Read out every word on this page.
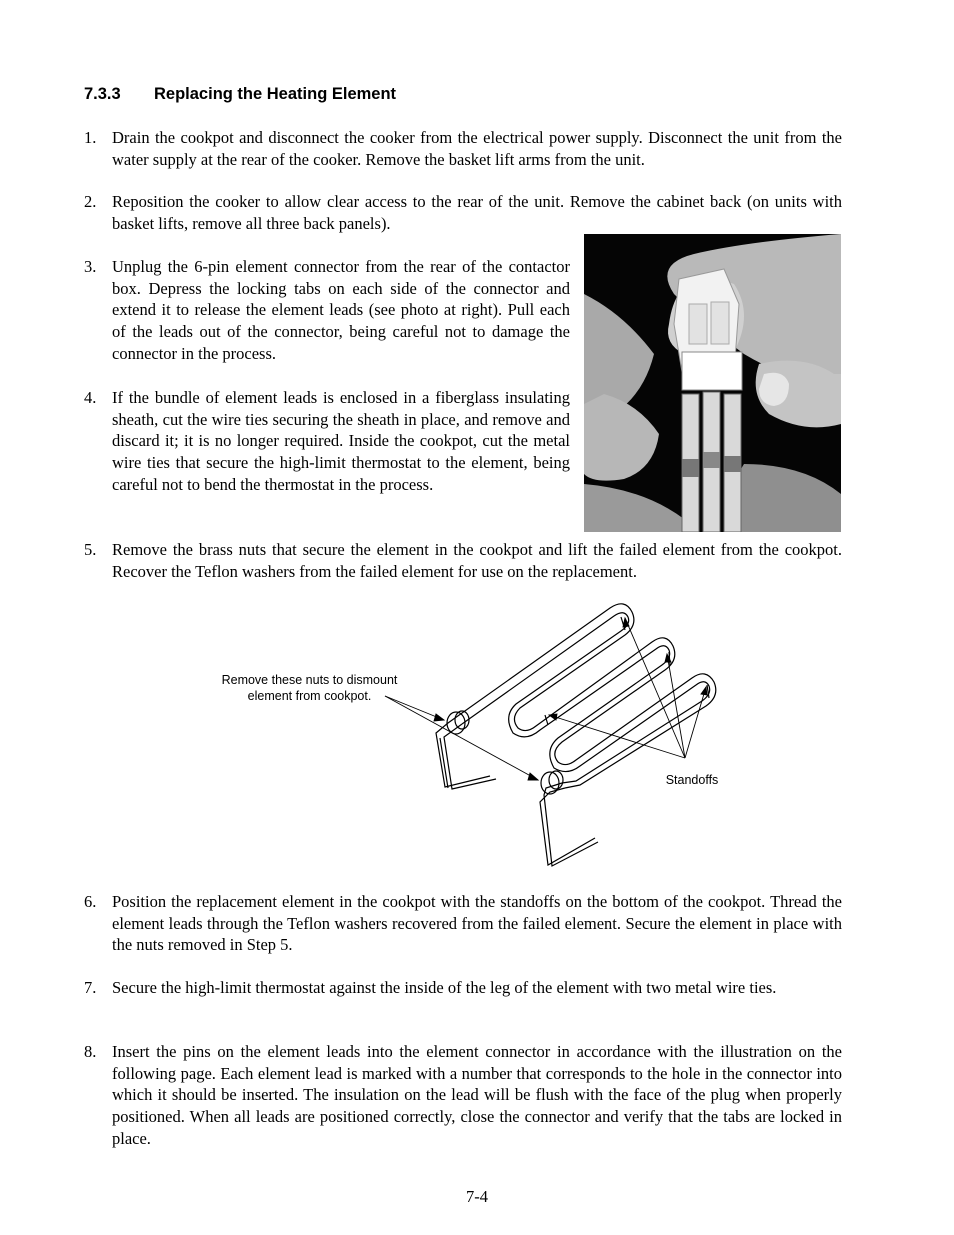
7.3.3 Replacing the Heating Element
1. Drain the cookpot and disconnect the cooker from the electrical power supply. Disconnect the unit from the water supply at the rear of the cooker. Remove the basket lift arms from the unit.
2. Reposition the cooker to allow clear access to the rear of the unit. Remove the cabinet back (on units with basket lifts, remove all three back panels).
3. Unplug the 6-pin element connector from the rear of the contactor box. Depress the locking tabs on each side of the connector and extend it to release the element leads (see photo at right). Pull each of the leads out of the connector, being careful not to damage the connector in the process.
4. If the bundle of element leads is enclosed in a fiberglass insulating sheath, cut the wire ties securing the sheath in place, and remove and discard it; it is no longer required. Inside the cookpot, cut the metal wire ties that secure the high-limit thermostat to the element, being careful not to bend the thermostat in the process.
5. Remove the brass nuts that secure the element in the cookpot and lift the failed element from the cookpot. Recover the Teflon washers from the failed element for use on the replacement.
Remove these nuts to dismount element from cookpot.
Standoffs
6. Position the replacement element in the cookpot with the standoffs on the bottom of the cookpot. Thread the element leads through the Teflon washers recovered from the failed element. Secure the element in place with the nuts removed in Step 5.
7. Secure the high-limit thermostat against the inside of the leg of the element with two metal wire ties.
8. Insert the pins on the element leads into the element connector in accordance with the illustration on the following page. Each element lead is marked with a number that corresponds to the hole in the connector into which it should be inserted. The insulation on the lead will be flush with the face of the plug when properly positioned. When all leads are positioned correctly, close the connector and verify that the tabs are locked in place.
7-4
